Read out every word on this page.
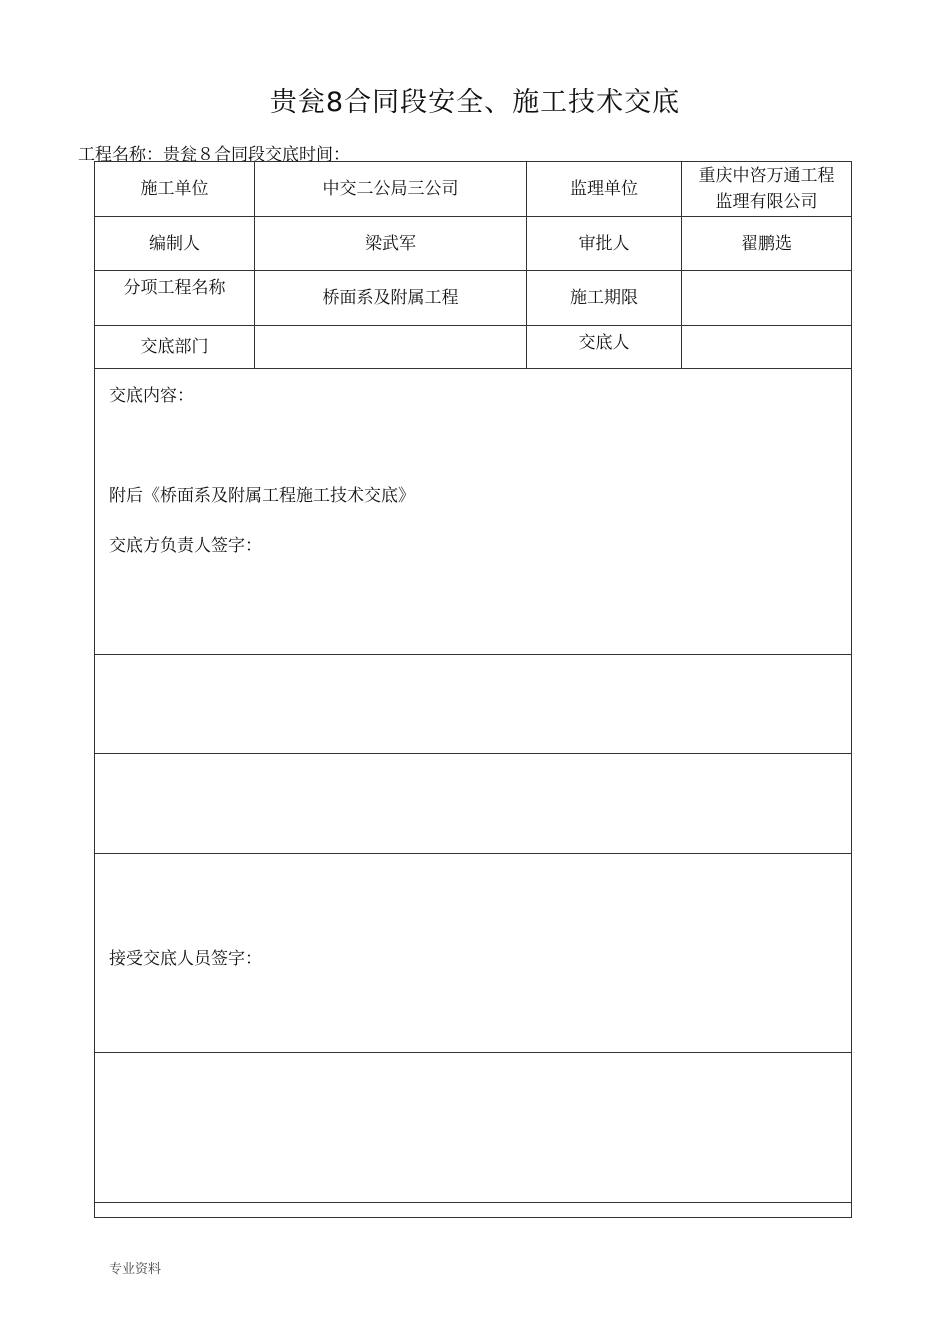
贵瓮8合同段安全、施工技术交底
工程名称：贵瓮８合同段交底时间：
施工单位	中交二公局三公司	监理单位	重庆中咨万通工程
监理有限公司

编制人	梁武军	审批人	翟鹏选
分项工程名称	桥面系及附属工程	施工期限	
交底部门		交底人	

交底内容：
附后《桥面系及附属工程施工技术交底》
交底方负责人签字：			

接受交底人员签字：			

专业资料
